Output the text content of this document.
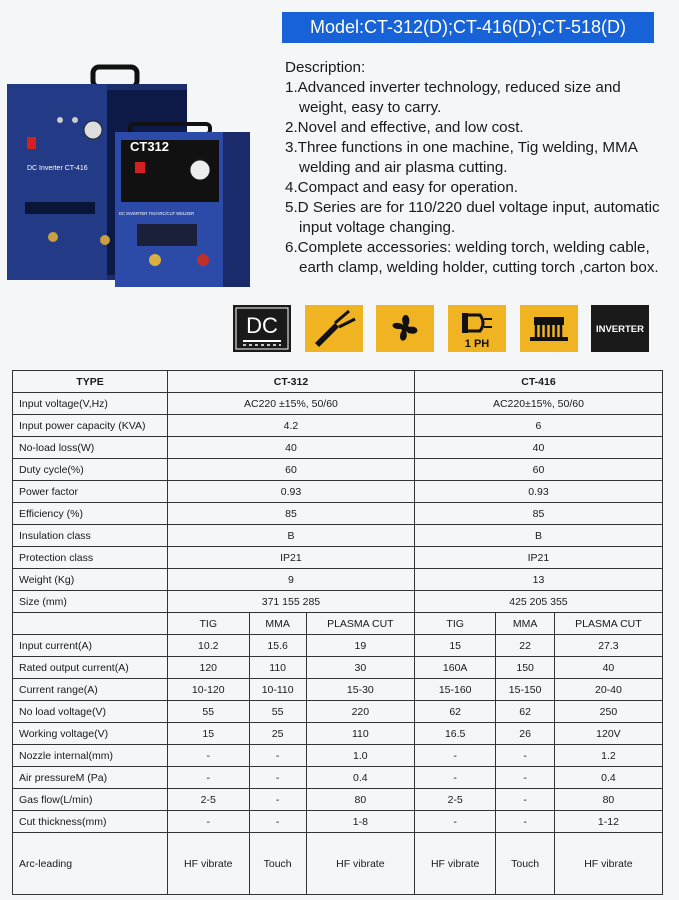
Model:CT-312(D);CT-416(D);CT-518(D)
DC Inverter CT-416
CT312
DC INVERTER TIG/ARC/CUT WELDER
Description:
1.Advanced inverter technology, reduced size and weight, easy to carry.
2.Novel and effective, and low cost.
3.Three functions in one machine, Tig welding, MMA welding and air plasma cutting.
4.Compact and easy for operation.
5.D Series are for 110/220 duel voltage input, automatic input voltage changing.
6.Complete accessories: welding torch, welding cable, earth clamp, welding holder, cutting torch ,carton box.
DC
1 PH
INVERTER
TYPE	CT-312			CT-416		
Input voltage(V,Hz)	AC220 ±15%, 50/60			AC220±15%, 50/60		
Input power capacity (KVA)	4.2			6		
No-load loss(W)	40			40		
Duty cycle(%)	60			60		
Power factor	0.93			0.93		
Efficiency (%)	85			85		
Insulation class	B			B		
Protection class	IP21			IP21		
Weight (Kg)	9			13		
Size (mm)	371 155 285			425 205 355		
	TIG	MMA	PLASMA CUT	TIG	MMA	PLASMA CUT
Input current(A)	10.2	15.6	19	15	22	27.3
Rated output current(A)	120	110	30	160A	150	40
Current range(A)	10-120	10-110	15-30	15-160	15-150	20-40
No load voltage(V)	55	55	220	62	62	250
Working voltage(V)	15	25	110	16.5	26	120V
Nozzle internal(mm)	-	-	1.0	-	-	1.2
Air pressureM (Pa)	-	-	0.4	-	-	0.4
Gas flow(L/min)	2-5	-	80	2-5	-	80
Cut thickness(mm)	-	-	1-8	-	-	1-12
Arc-leading	HF vibrate	Touch	HF vibrate	HF vibrate	Touch	HF vibrate
